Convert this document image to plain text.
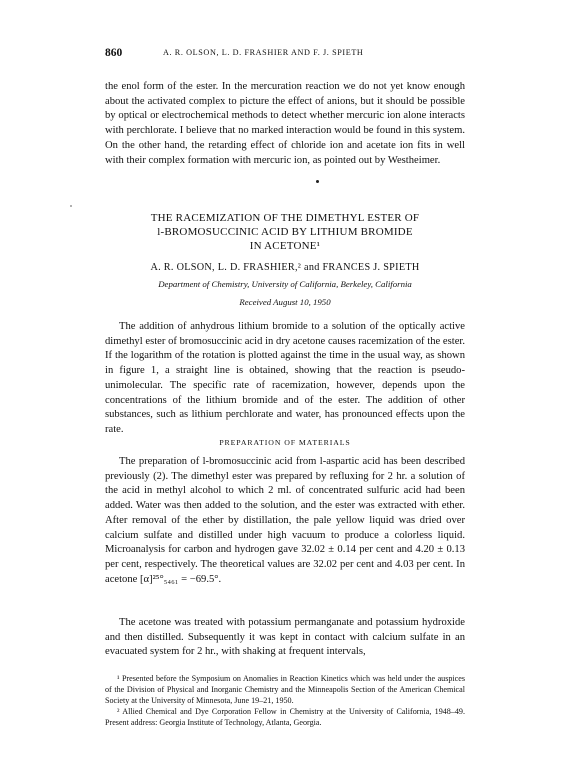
860	A. R. OLSON, L. D. FRASHIER AND F. J. SPIETH

the enol form of the ester. In the mercuration reaction we do not yet know enough about the activated complex to picture the effect of anions, but it should be possible by optical or electrochemical methods to detect whether mercuric ion alone interacts with perchlorate. I believe that no marked interaction would be found in this system. On the other hand, the retarding effect of chloride ion and acetate ion fits in well with their complex formation with mercuric ion, as pointed out by Westheimer.

THE RACEMIZATION OF THE DIMETHYL ESTER OF
l-BROMOSUCCINIC ACID BY LITHIUM BROMIDE
IN ACETONE¹
A. R. OLSON, L. D. FRASHIER,² and FRANCES J. SPIETH
Department of Chemistry, University of California, Berkeley, California
Received August 10, 1950

The addition of anhydrous lithium bromide to a solution of the optically active dimethyl ester of bromosuccinic acid in dry acetone causes racemization of the ester. If the logarithm of the rotation is plotted against the time in the usual way, as shown in figure 1, a straight line is obtained, showing that the reaction is pseudo-unimolecular. The specific rate of racemization, however, depends upon the concentrations of the lithium bromide and of the ester. The addition of other substances, such as lithium perchlorate and water, has pronounced effects upon the rate.

PREPARATION OF MATERIALS

The preparation of l-bromosuccinic acid from l-aspartic acid has been described previously (2). The dimethyl ester was prepared by refluxing for 2 hr. a solution of the acid in methyl alcohol to which 2 ml. of concentrated sulfuric acid had been added. Water was then added to the solution, and the ester was extracted with ether. After removal of the ether by distillation, the pale yellow liquid was dried over calcium sulfate and distilled under high vacuum to produce a colorless liquid. Microanalysis for carbon and hydrogen gave 32.02 ± 0.14 per cent and 4.20 ± 0.13 per cent, respectively. The theoretical values are 32.02 per cent and 4.03 per cent. In acetone [α]²⁵°₅₄₆₁ = −69.5°.

The acetone was treated with potassium permanganate and potassium hydroxide and then distilled. Subsequently it was kept in contact with calcium sulfate in an evacuated system for 2 hr., with shaking at frequent intervals,

¹ Presented before the Symposium on Anomalies in Reaction Kinetics which was held under the auspices of the Division of Physical and Inorganic Chemistry and the Minneapolis Section of the American Chemical Society at the University of Minnesota, June 19–21, 1950.

² Allied Chemical and Dye Corporation Fellow in Chemistry at the University of California, 1948–49. Present address: Georgia Institute of Technology, Atlanta, Georgia.
